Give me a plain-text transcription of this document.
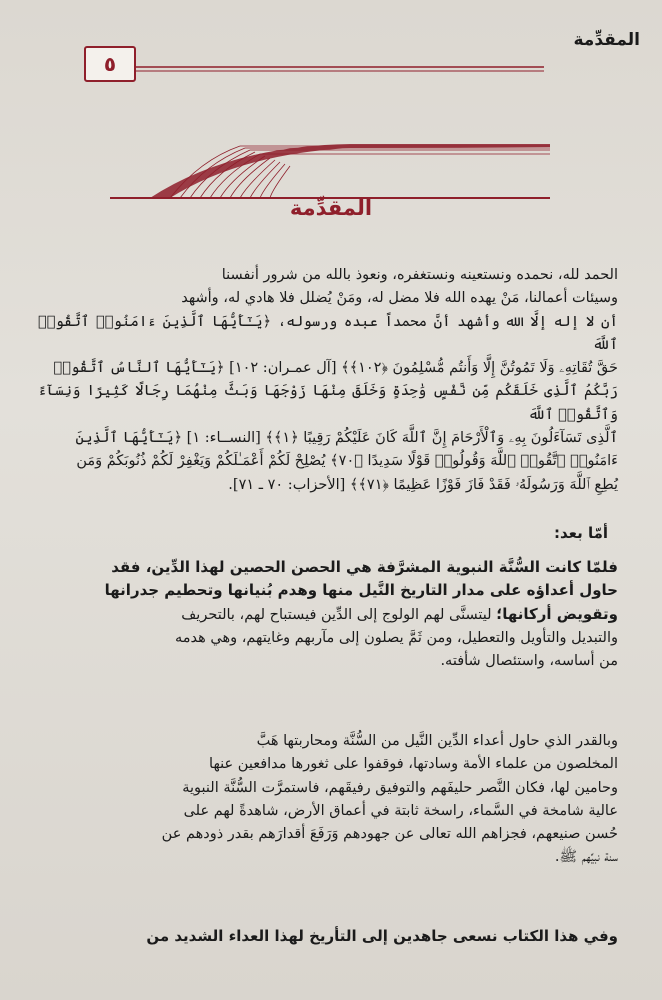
المقدِّمة
٥
المقدِّمة
الحمد لله، نحمده ونستعينه ونستغفره، ونعوذ بالله من شرور أنفسنا
وسيئات أعمالنا، مَنْ يهده الله فلا مضل له، ومَنْ يُضلل فلا هادي له، وأشهد
أن لا إله إلَّا الله وأشهد أنَّ محمداً عبده ورسوله، ﴿يَـٰٓأَيُّهَا ٱلَّذِينَ ءَامَنُوا۟ ٱتَّقُوا۟ ٱللَّهَ
حَقَّ تُقَاتِهِۦ وَلَا تَمُوتُنَّ إِلَّا وَأَنتُم مُّسْلِمُونَ ﴿١٠٢﴾﴾ [آل عمـران: ١٠٢] ﴿يَـٰٓأَيُّهَا ٱلنَّاسُ ٱتَّقُوا۟
رَبَّكُمُ ٱلَّذِى خَلَقَكُم مِّن نَّفْسٍ وَٰحِدَةٍ وَخَلَقَ مِنْهَا زَوْجَهَا وَبَثَّ مِنْهُمَا رِجَالًا كَثِيرًا وَنِسَآءً وَٱتَّقُوا۟ ٱللَّهَ
ٱلَّذِى تَسَآءَلُونَ بِهِۦ وَٱلْأَرْحَامَ إِنَّ ٱللَّهَ كَانَ عَلَيْكُمْ رَقِيبًا ﴿١﴾﴾ [النســاء: ١] ﴿يَـٰٓأَيُّهَا ٱلَّذِينَ
ءَامَنُوا۟ ٱتَّقُوا۟ ٱللَّهَ وَقُولُوا۟ قَوْلًا سَدِيدًا ﴿٧٠﴾ يُصْلِحْ لَكُمْ أَعْمَـٰلَكُمْ وَيَغْفِرْ لَكُمْ ذُنُوبَكُمْ وَمَن
يُطِعِ ٱللَّهَ وَرَسُولَهُۥ فَقَدْ فَازَ فَوْزًا عَظِيمًا ﴿٧١﴾﴾ [الأحزاب: ٧٠ ـ ٧١].
أمّا بعد:
فلمّا كانت السُّنَّة النبوية المشرَّفة هي الحصن الحصين لهذا الدِّين، فقد
حاول أعداؤه على مدار التاريخ النَّيل منها وهدم بُنيانها وتحطيم جدرانها
وتقويض أركانها؛ ليتسنَّى لهم الولوج إلى الدِّين فيستباح لهم، بالتحريف
والتبديل والتأويل والتعطيل، ومن ثَمَّ يصلون إلى مآربهم وغايتهم، وهي هدمه
من أساسه، واستئصال شأفته.
وبالقدر الذي حاول أعداء الدِّين النَّيل من السُّنَّة ومحاربتها هَبَّ
المخلصون من علماء الأمة وسادتها، فوقفوا على ثغورها مدافعين عنها
وحامين لها، فكان النَّصر حليفَهم والتوفيق رفيقَهم، فاستمرَّت السُّنَّة النبوية
عالية شامخة في السَّماء، راسخة ثابتة في أعماق الأرض، شاهدةً لهم على
حُسن صنيعهم، فجزاهم الله تعالى عن جهودهم وَرَفَعَ أقدارَهم بقدر ذودهم عن
سنة نبيِّهم ﷺ.
وفي هذا الكتاب نسعى جاهدين إلى التأريخ لهذا العداء الشديد من
